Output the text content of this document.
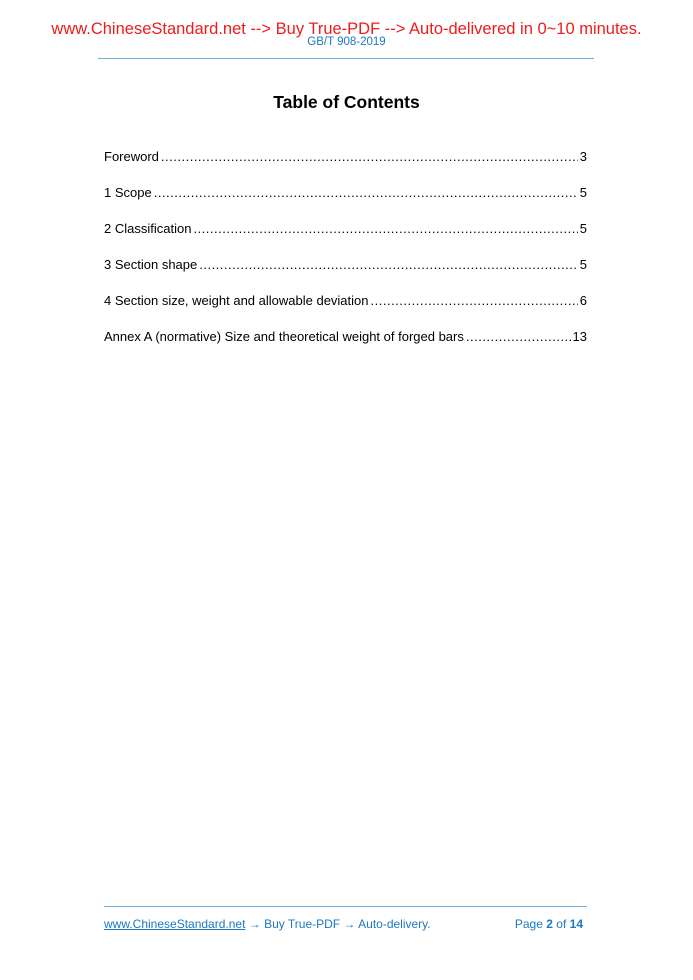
www.ChineseStandard.net --> Buy True-PDF --> Auto-delivered in 0~10 minutes.
GB/T 908-2019
Table of Contents
Foreword .....	3
1 Scope .....	5
2 Classification .....	5
3 Section shape .....	5
4 Section size, weight and allowable deviation .....	6
Annex A (normative) Size and theoretical weight of forged bars .....	13
www.ChineseStandard.net → Buy True-PDF → Auto-delivery.	Page 2 of 14
